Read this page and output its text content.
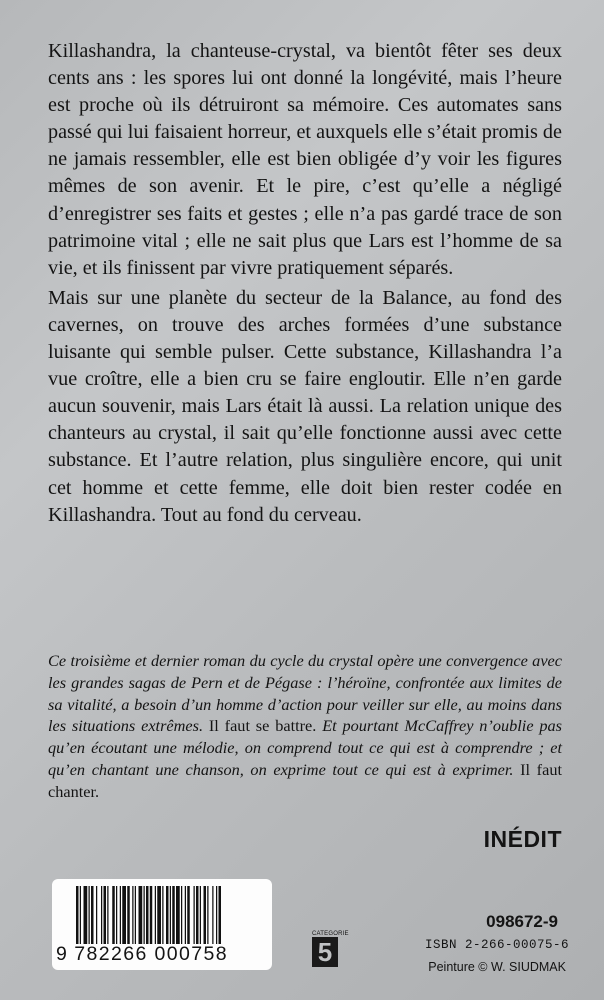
Killashandra, la chanteuse-crystal, va bientôt fêter ses deux cents ans : les spores lui ont donné la longévité, mais l’heure est proche où ils détruiront sa mémoire. Ces automates sans passé qui lui faisaient horreur, et auxquels elle s’était promis de ne jamais ressembler, elle est bien obligée d’y voir les figures mêmes de son avenir. Et le pire, c’est qu’elle a négligé d’enregistrer ses faits et gestes ; elle n’a pas gardé trace de son patrimoine vital ; elle ne sait plus que Lars est l’homme de sa vie, et ils finissent par vivre pratiquement séparés.

Mais sur une planète du secteur de la Balance, au fond des cavernes, on trouve des arches formées d’une substance luisante qui semble pulser. Cette substance, Killashandra l’a vue croître, elle a bien cru se faire engloutir. Elle n’en garde aucun souvenir, mais Lars était là aussi. La relation unique des chanteurs au crystal, il sait qu’elle fonctionne aussi avec cette substance. Et l’autre relation, plus singulière encore, qui unit cet homme et cette femme, elle doit bien rester codée en Killashandra. Tout au fond du cerveau.

Ce troisième et dernier roman du cycle du crystal opère une convergence avec les grandes sagas de Pern et de Pégase : l’héroïne, confrontée aux limites de sa vitalité, a besoin d’un homme d’action pour veiller sur elle, au moins dans les situations extrêmes. Il faut se battre. Et pourtant McCaffrey n’oublie pas qu’en écoutant une mélodie, on comprend tout ce qui est à comprendre ; et qu’en chantant une chanson, on exprime tout ce qui est à exprimer. Il faut chanter.

INÉDIT
9 782266 000758
CATEGORIE
5
098672-9
ISBN 2-266-00075-6
Peinture © W. SIUDMAK
